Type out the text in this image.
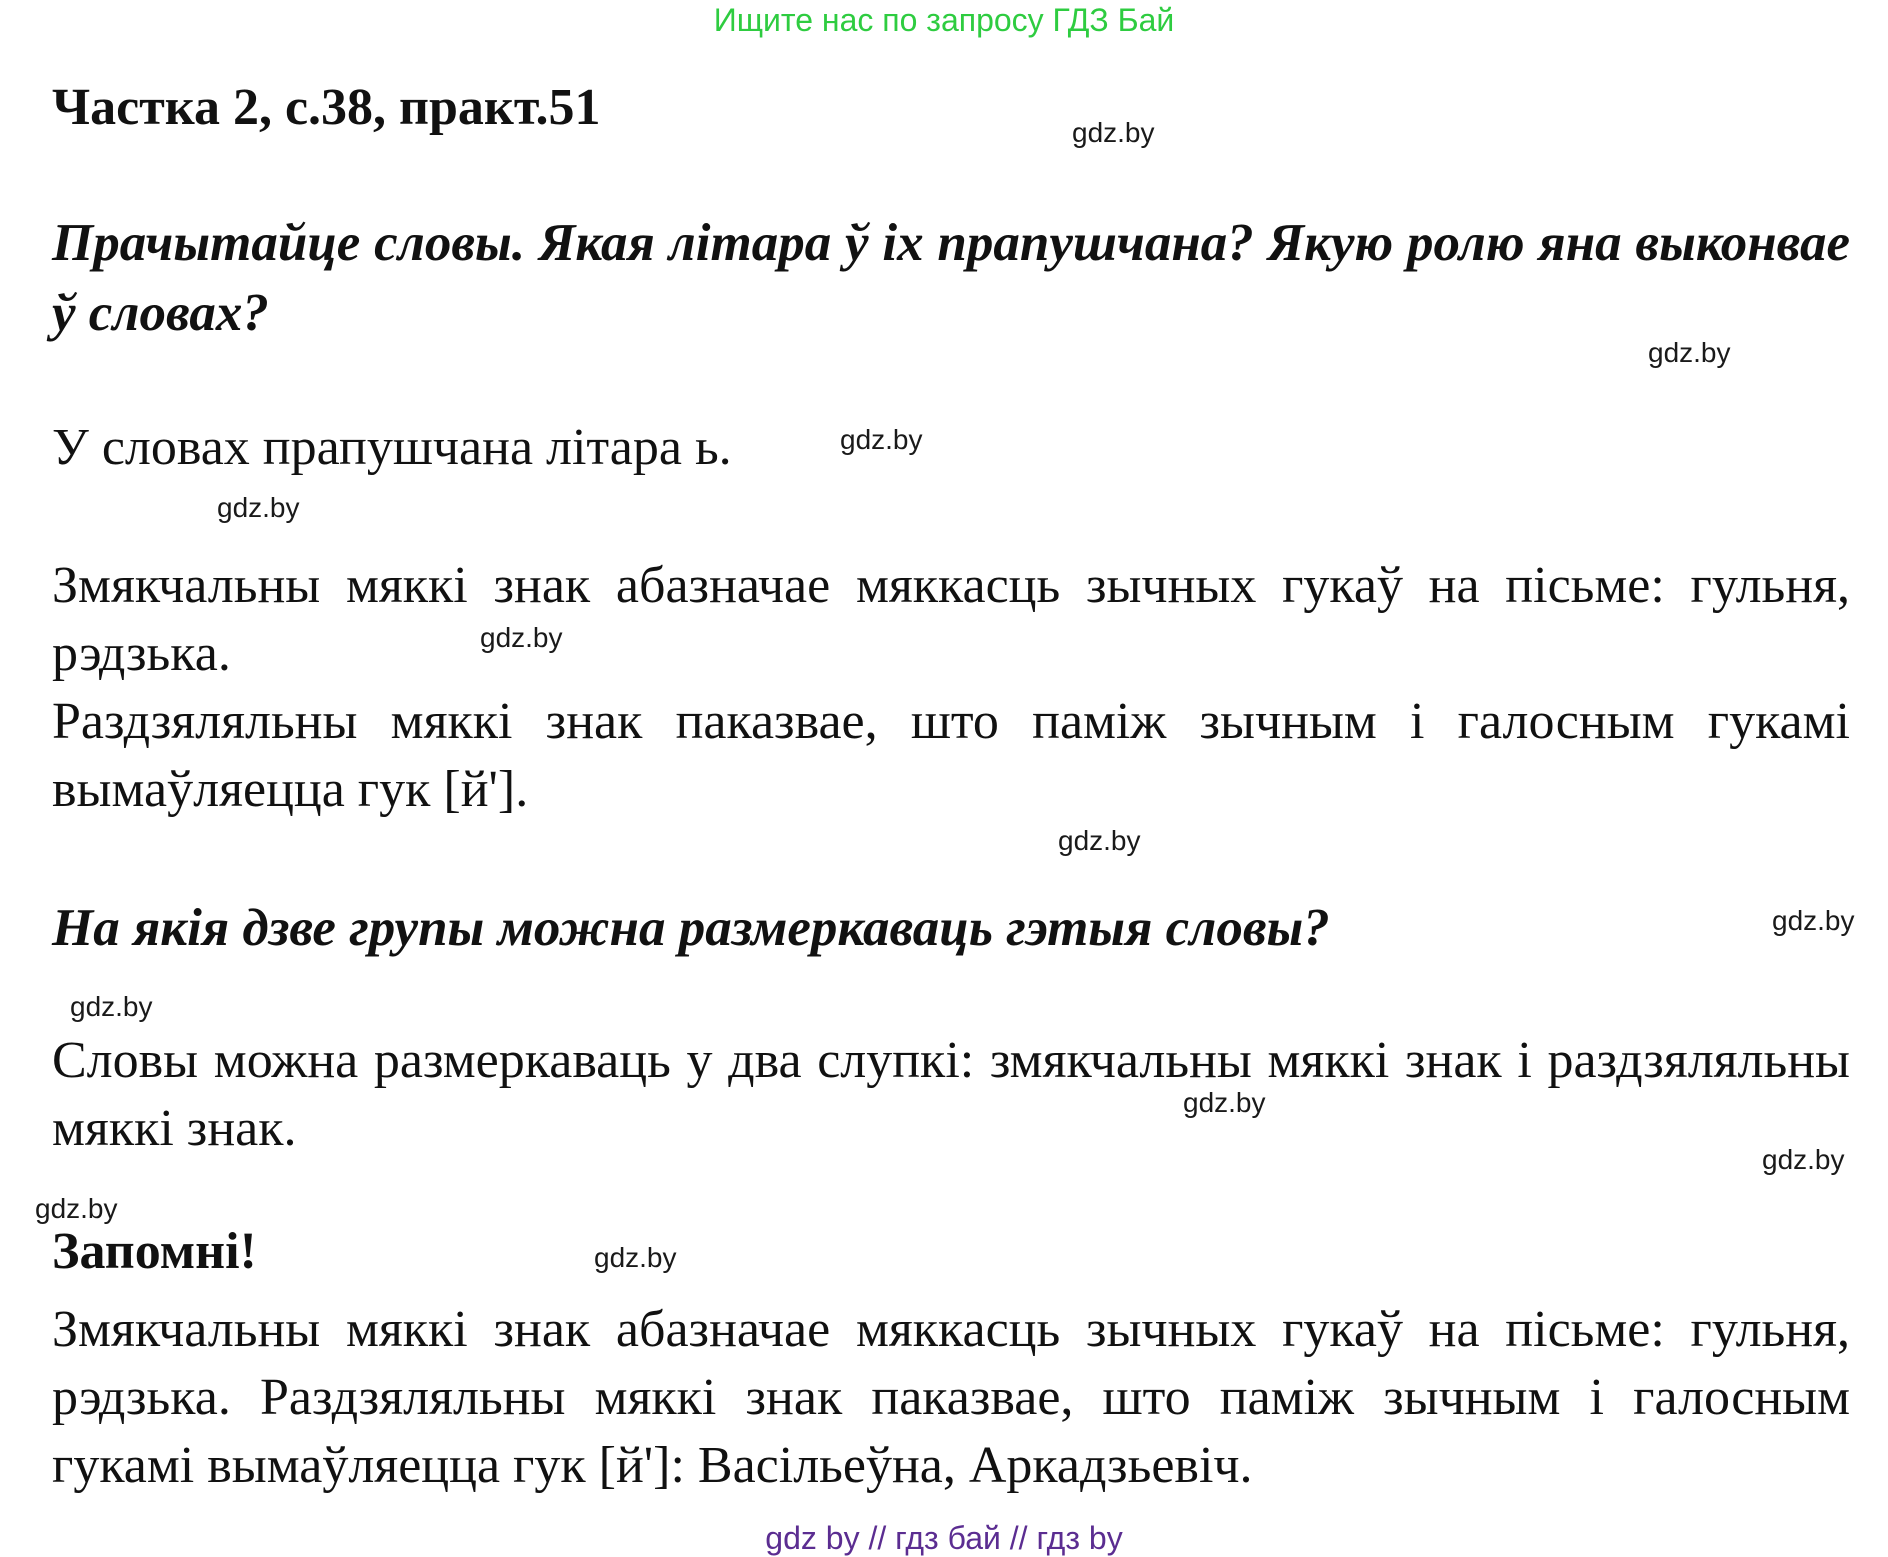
Ищите нас по запросу ГДЗ Бай
Частка 2, с.38, практ.51
Прачытайце словы. Якая літара ў іх прапушчана? Якую ролю яна выконвае ў словах?
У словах прапушчана літара ь.
Змякчальны мяккі знак абазначае мяккасць зычных гукаў на пісьме: гульня, рэдзька.
Раздзяляльны мяккі знак паказвае, што паміж зычным і галосным гукамі вымаўляецца гук [й'].
На якія дзве групы можна размеркаваць гэтыя словы?
Словы можна размеркаваць у два слупкі: змякчальны мяккі знак і раздзяляльны мяккі знак.
Запомні!
Змякчальны мяккі знак абазначае мяккасць зычных гукаў на пісьме: гульня, рэдзька. Раздзяляльны мяккі знак паказвае, што паміж зычным і галосным гукамі вымаўляецца гук [й']: Васільеўна, Аркадзьевіч.
gdz.by
gdz.by
gdz.by
gdz.by
gdz.by
gdz.by
gdz.by
gdz.by
gdz.by
gdz.by
gdz.by
gdz.by
gdz by // гдз бай // гдз by
